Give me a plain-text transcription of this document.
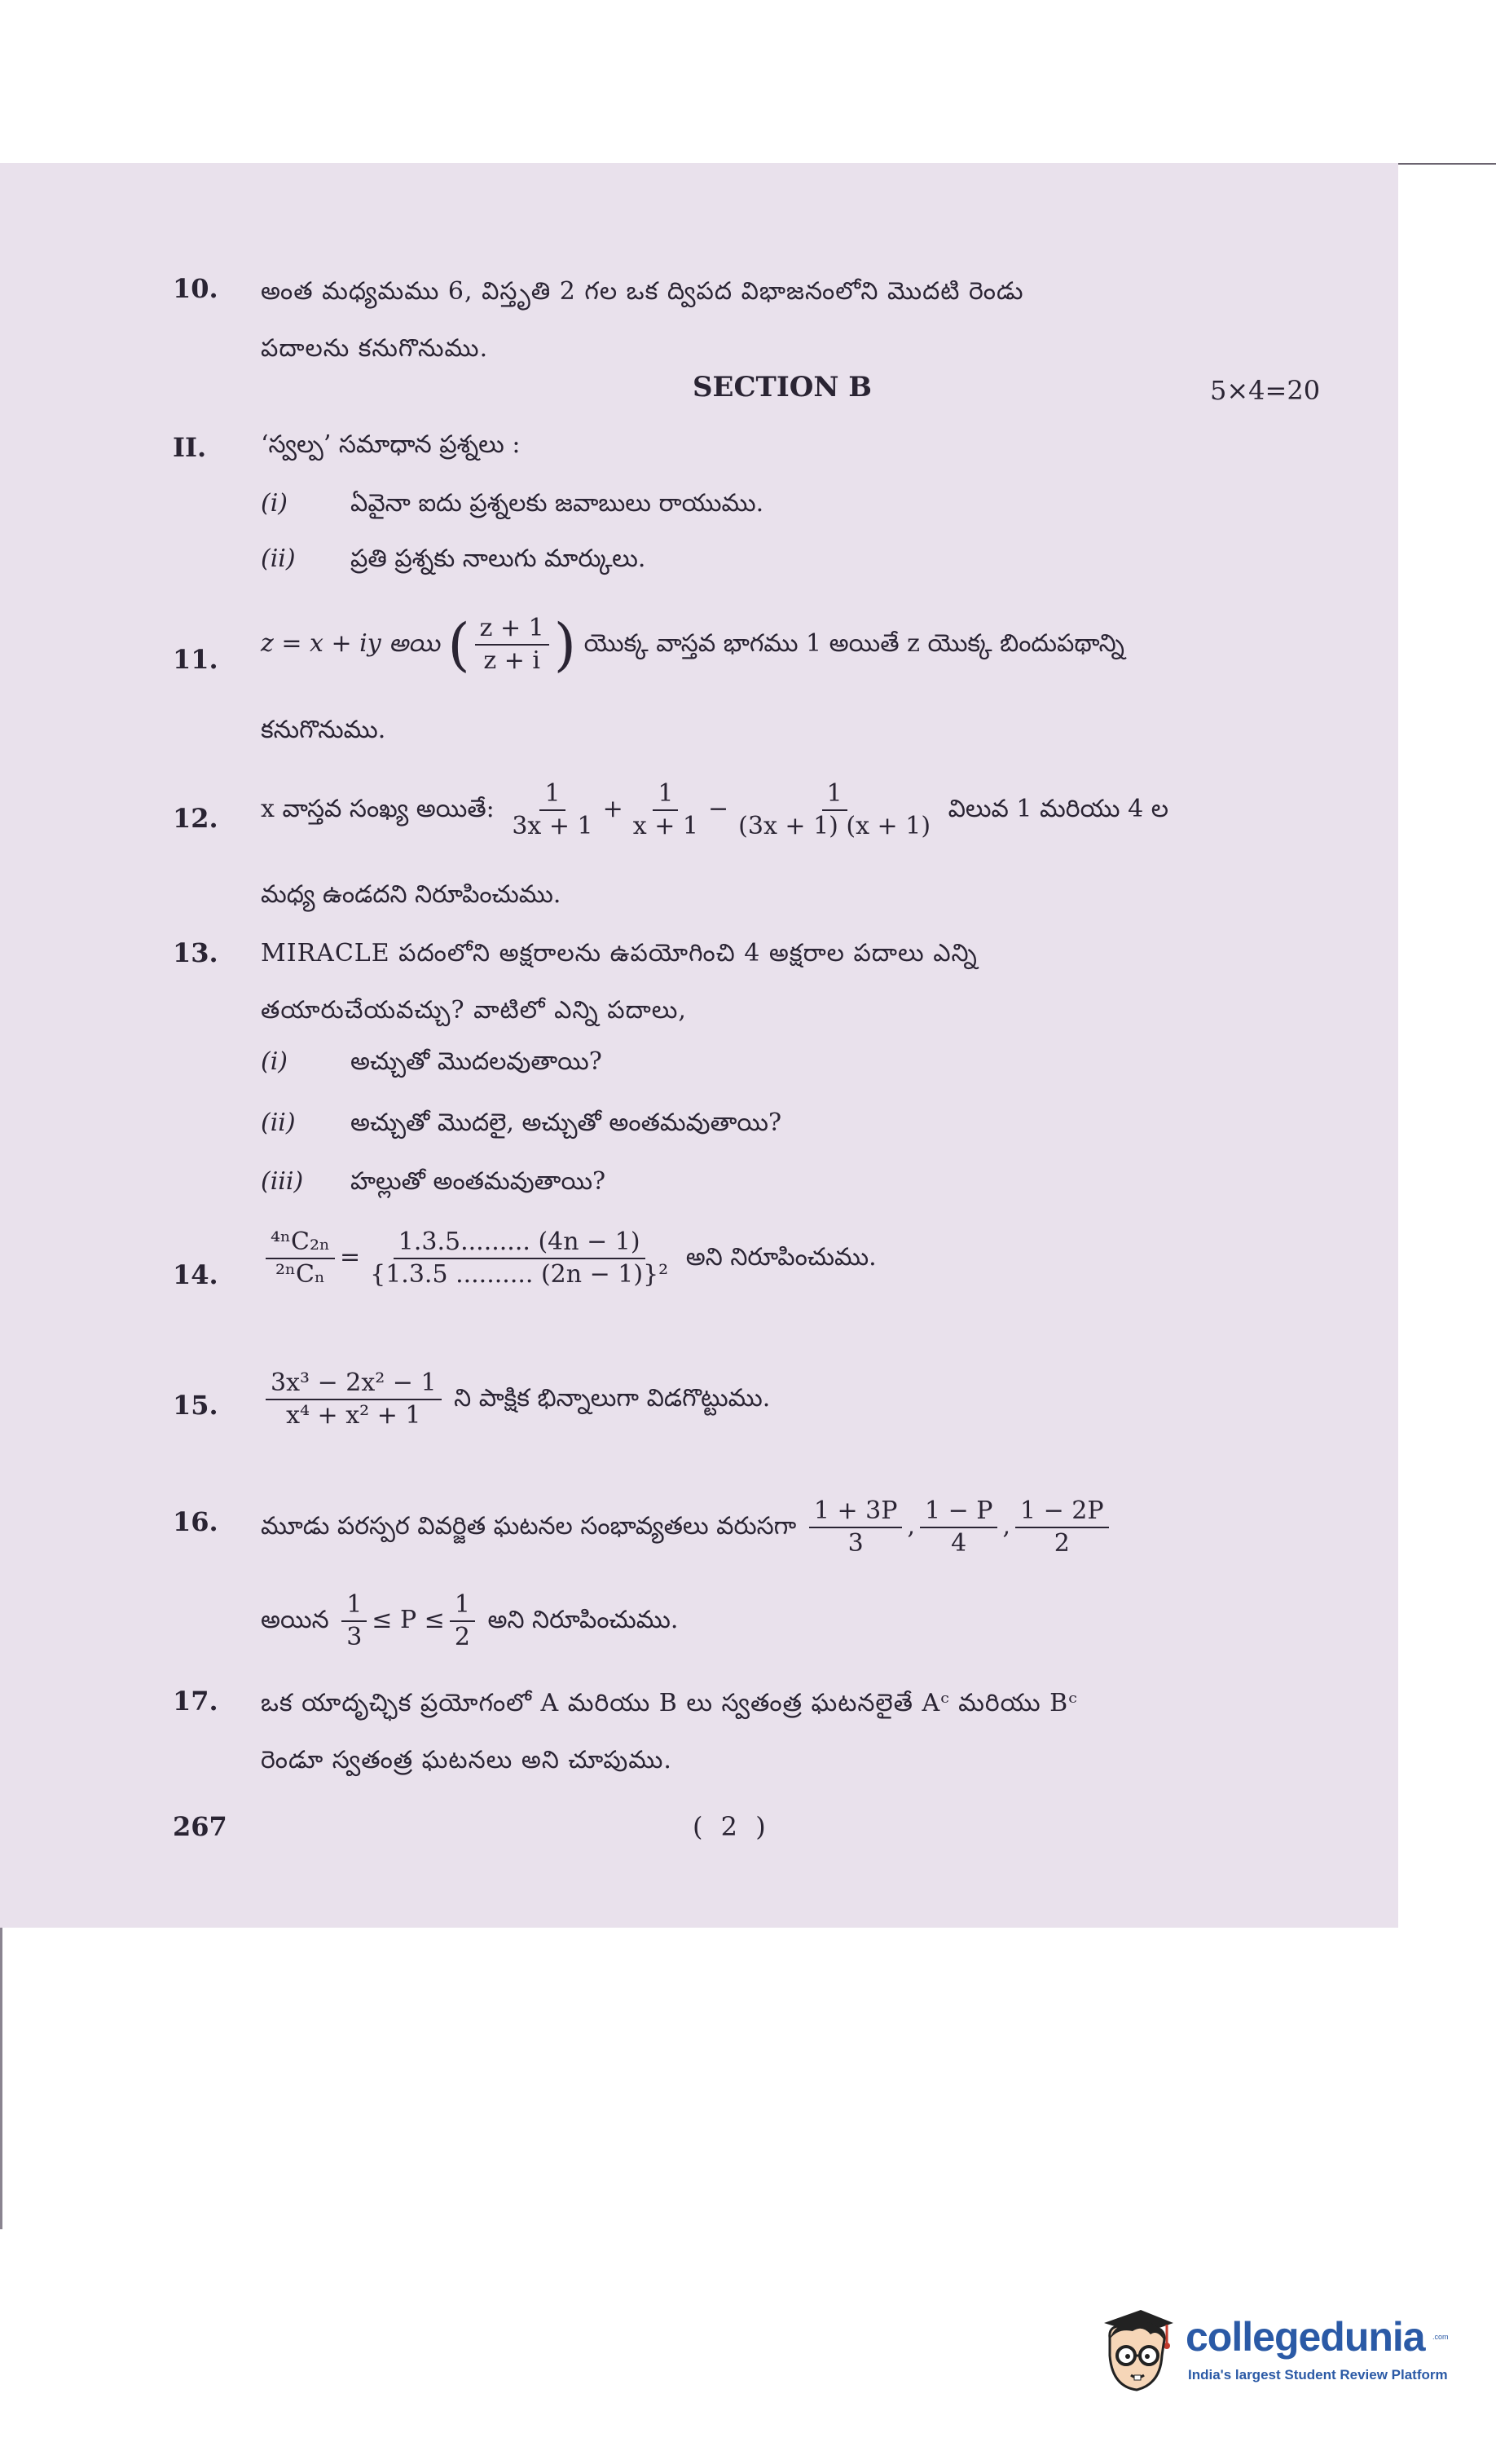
10. అంత మధ్యమము 6, విస్తృతి 2 గల ఒక ద్విపద విభాజనంలోని మొదటి రెండు
పదాలను కనుగొనుము.
SECTION B	5×4=20
II. ‘స్వల్ప’ సమాధాన ప్రశ్నలు :
(i)	ఏవైనా ఐదు ప్రశ్నలకు జవాబులు రాయుము.
(ii) ప్రతి ప్రశ్నకు నాలుగు మార్కులు.
11.
z = x + iy అయి ( $\frac{z + 1}{z + i}$ ) యొక్క వాస్తవ భాగము 1 అయితే z యొక్క బిందుపథాన్ని
కనుగొనుము.
12. x వాస్తవ సంఖ్య అయితే: $\frac{1}{3x + 1} + \frac{1}{x + 1} - \frac{1}{(3x + 1) (x + 1)}$ విలువ 1 మరియు 4 ల
మధ్య ఉండదని నిరూపించుము.
13. MIRACLE పదంలోని అక్షరాలను ఉపయోగించి 4 అక్షరాల పదాలు ఎన్ని
తయారుచేయవచ్చు? వాటిలో ఎన్ని పదాలు,
(i)	అచ్చుతో మొదలవుతాయి?
(ii) అచ్చుతో మొదలై, అచ్చుతో అంతమవుతాయి?
(iii) హల్లుతో అంతమవుతాయి?
14. $\frac{\text{⁴ⁿC₂ₙ}}{\text{²ⁿCₙ}} = \frac{1.3.5......... (4n - 1)}{\text{\{1.3.5 .......... (2n − 1)\}²}}$ అని నిరూపించుము.
15. $\frac{\text{3x³ − 2x² − 1}}{\text{x⁴ + x² + 1}}$ ని పాక్షిక భిన్నాలుగా విడగొట్టుము.
16. మూడు పరస్పర వివర్జిత ఘటనల సంభావ్యతలు వరుసగా $\frac{1 + 3P}{3}$ , $\frac{1 - P}{4}$ , $\frac{1 - 2P}{2}$
అయిన $\frac{1}{3} \le P \le \frac{1}{2}$ అని నిరూపించుము.
17. ఒక యాదృచ్ఛిక ప్రయోగంలో A మరియు B లు స్వతంత్ర ఘటనలైతే Aᶜ మరియు Bᶜ
రెండూ స్వతంత్ర ఘటనలు అని చూపుము.
267	( 2 )
collegedunia .com
India's largest Student Review Platform
